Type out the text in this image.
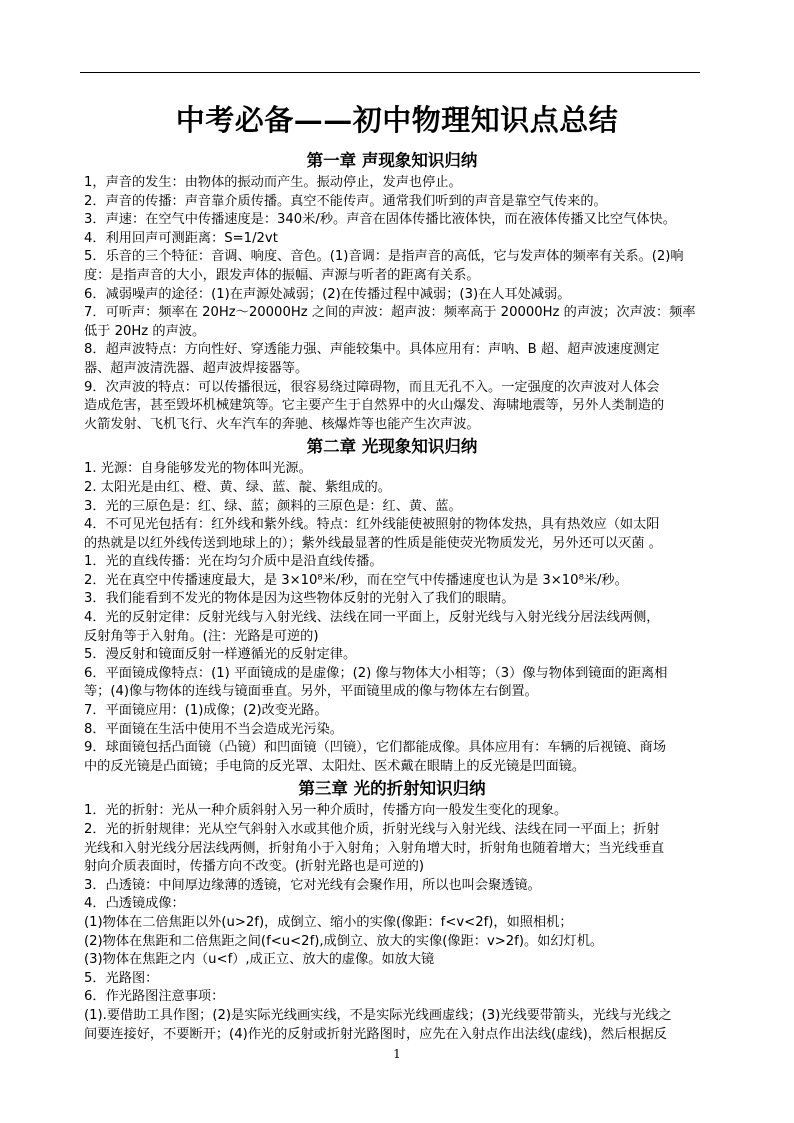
中考必备——初中物理知识点总结
第一章 声现象知识归纳
1，声音的发生：由物体的振动而产生。振动停止，发声也停止。
2．声音的传播：声音靠介质传播。真空不能传声。通常我们听到的声音是靠空气传来的。
3．声速：在空气中传播速度是：340米/秒。声音在固体传播比液体快，而在液体传播又比空气体快。
4．利用回声可测距离：S=1/2vt
5．乐音的三个特征：音调、响度、音色。(1)音调：是指声音的高低，它与发声体的频率有关系。(2)响
度：是指声音的大小，跟发声体的振幅、声源与听者的距离有关系。
6．减弱噪声的途径：(1)在声源处减弱；(2)在传播过程中减弱；(3)在人耳处减弱。
7．可听声：频率在 20Hz～20000Hz 之间的声波：超声波：频率高于 20000Hz 的声波；次声波：频率
低于 20Hz 的声波。
8．超声波特点：方向性好、穿透能力强、声能较集中。具体应用有：声呐、B 超、超声波速度测定
器、超声波清洗器、超声波焊接器等。
9．次声波的特点：可以传播很远，很容易绕过障碍物，而且无孔不入。一定强度的次声波对人体会
造成危害，甚至毁坏机械建筑等。它主要产生于自然界中的火山爆发、海啸地震等，另外人类制造的
火箭发射、飞机飞行、火车汽车的奔驰、核爆炸等也能产生次声波。
第二章 光现象知识归纳
1. 光源：自身能够发光的物体叫光源。
2. 太阳光是由红、橙、黄、绿、蓝、靛、紫组成的。
3．光的三原色是：红、绿、蓝；颜料的三原色是：红、黄、蓝。
4．不可见光包括有：红外线和紫外线。特点：红外线能使被照射的物体发热，具有热效应（如太阳
的热就是以红外线传送到地球上的）；紫外线最显著的性质是能使荧光物质发光，另外还可以灭菌 。
1．光的直线传播：光在均匀介质中是沿直线传播。
2．光在真空中传播速度最大，是 3×10⁸米/秒，而在空气中传播速度也认为是 3×10⁸米/秒。
3．我们能看到不发光的物体是因为这些物体反射的光射入了我们的眼睛。
4．光的反射定律：反射光线与入射光线、法线在同一平面上，反射光线与入射光线分居法线两侧，
反射角等于入射角。(注：光路是可逆的)
5．漫反射和镜面反射一样遵循光的反射定律。
6．平面镜成像特点：(1) 平面镜成的是虚像；(2) 像与物体大小相等；（3）像与物体到镜面的距离相
等；(4)像与物体的连线与镜面垂直。另外，平面镜里成的像与物体左右倒置。
7．平面镜应用：(1)成像；(2)改变光路。
8．平面镜在生活中使用不当会造成光污染。
9．球面镜包括凸面镜（凸镜）和凹面镜（凹镜），它们都能成像。具体应用有：车辆的后视镜、商场
中的反光镜是凸面镜；手电筒的反光罩、太阳灶、医术戴在眼睛上的反光镜是凹面镜。
第三章 光的折射知识归纳
1．光的折射：光从一种介质斜射入另一种介质时，传播方向一般发生变化的现象。
2．光的折射规律：光从空气斜射入水或其他介质，折射光线与入射光线、法线在同一平面上；折射
光线和入射光线分居法线两侧，折射角小于入射角；入射角增大时，折射角也随着增大；当光线垂直
射向介质表面时，传播方向不改变。(折射光路也是可逆的)
3．凸透镜：中间厚边缘薄的透镜，它对光线有会聚作用，所以也叫会聚透镜。
4．凸透镜成像：
(1)物体在二倍焦距以外(u>2f)，成倒立、缩小的实像(像距：f<v<2f)，如照相机；
(2)物体在焦距和二倍焦距之间(f<u<2f),成倒立、放大的实像(像距：v>2f)。如幻灯机。
(3)物体在焦距之内（u<f）,成正立、放大的虚像。如放大镜
5．光路图：
6．作光路图注意事项：
(1).要借助工具作图；(2)是实际光线画实线，不是实际光线画虚线；(3)光线要带箭头，光线与光线之
间要连接好，不要断开；(4)作光的反射或折射光路图时，应先在入射点作出法线(虚线)，然后根据反
1
